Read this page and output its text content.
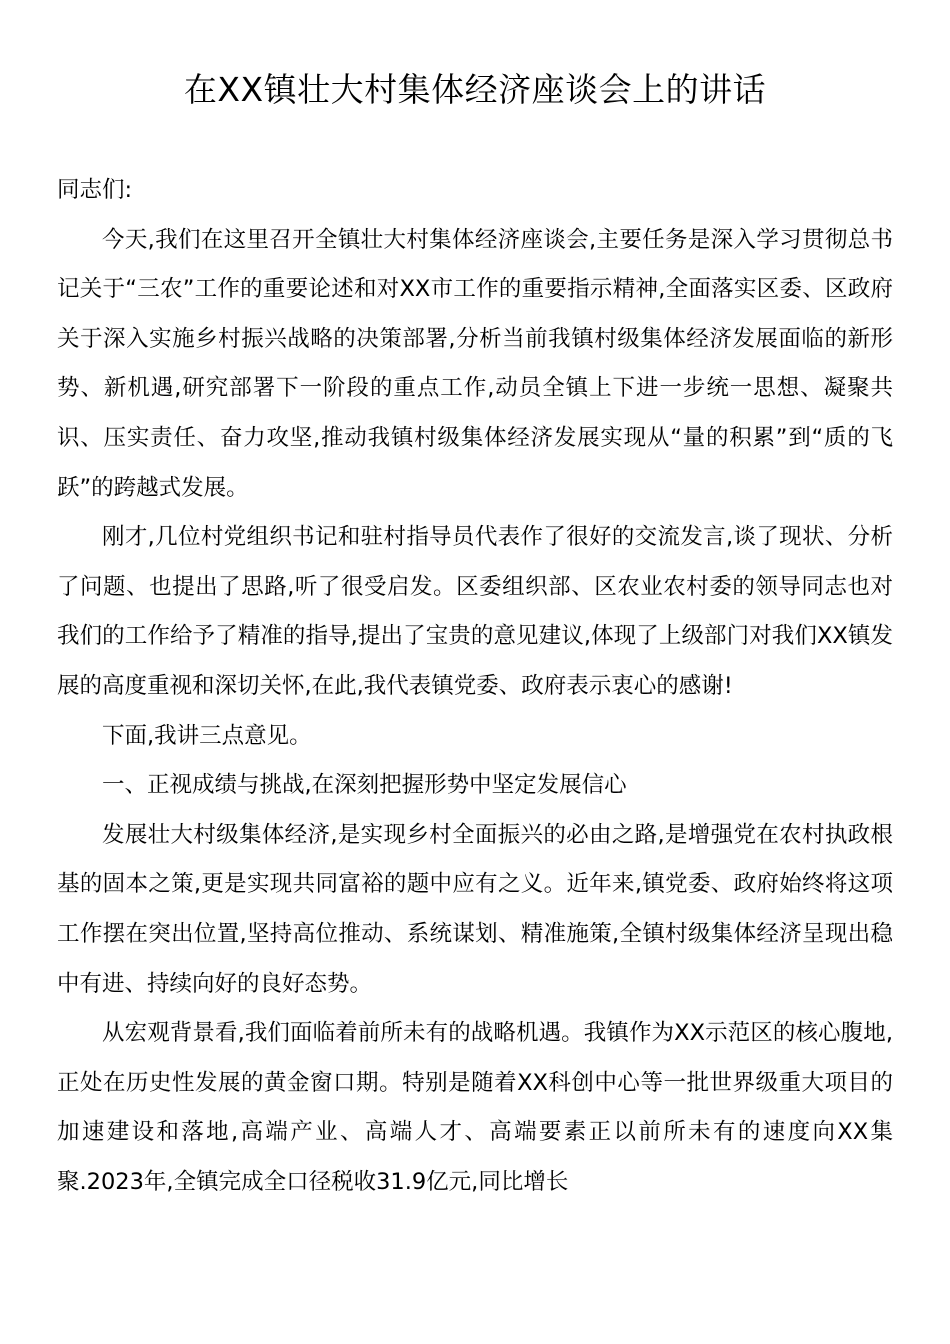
在XX镇壮大村集体经济座谈会上的讲话

同志们:

今天,我们在这里召开全镇壮大村集体经济座谈会,主要任务是深入学习贯彻总书记关于“三农”工作的重要论述和对XX市工作的重要指示精神,全面落实区委、区政府关于深入实施乡村振兴战略的决策部署,分析当前我镇村级集体经济发展面临的新形势、新机遇,研究部署下一阶段的重点工作,动员全镇上下进一步统一思想、凝聚共识、压实责任、奋力攻坚,推动我镇村级集体经济发展实现从“量的积累”到“质的飞跃”的跨越式发展。

刚才,几位村党组织书记和驻村指导员代表作了很好的交流发言,谈了现状、分析了问题、也提出了思路,听了很受启发。区委组织部、区农业农村委的领导同志也对我们的工作给予了精准的指导,提出了宝贵的意见建议,体现了上级部门对我们XX镇发展的高度重视和深切关怀,在此,我代表镇党委、政府表示衷心的感谢!

下面,我讲三点意见。

一、正视成绩与挑战,在深刻把握形势中坚定发展信心

发展壮大村级集体经济,是实现乡村全面振兴的必由之路,是增强党在农村执政根基的固本之策,更是实现共同富裕的题中应有之义。近年来,镇党委、政府始终将这项工作摆在突出位置,坚持高位推动、系统谋划、精准施策,全镇村级集体经济呈现出稳中有进、持续向好的良好态势。

从宏观背景看,我们面临着前所未有的战略机遇。我镇作为XX示范区的核心腹地,正处在历史性发展的黄金窗口期。特别是随着XX科创中心等一批世界级重大项目的加速建设和落地,高端产业、高端人才、高端要素正以前所未有的速度向XX集聚.2023年,全镇完成全口径税收31.9亿元,同比增长
